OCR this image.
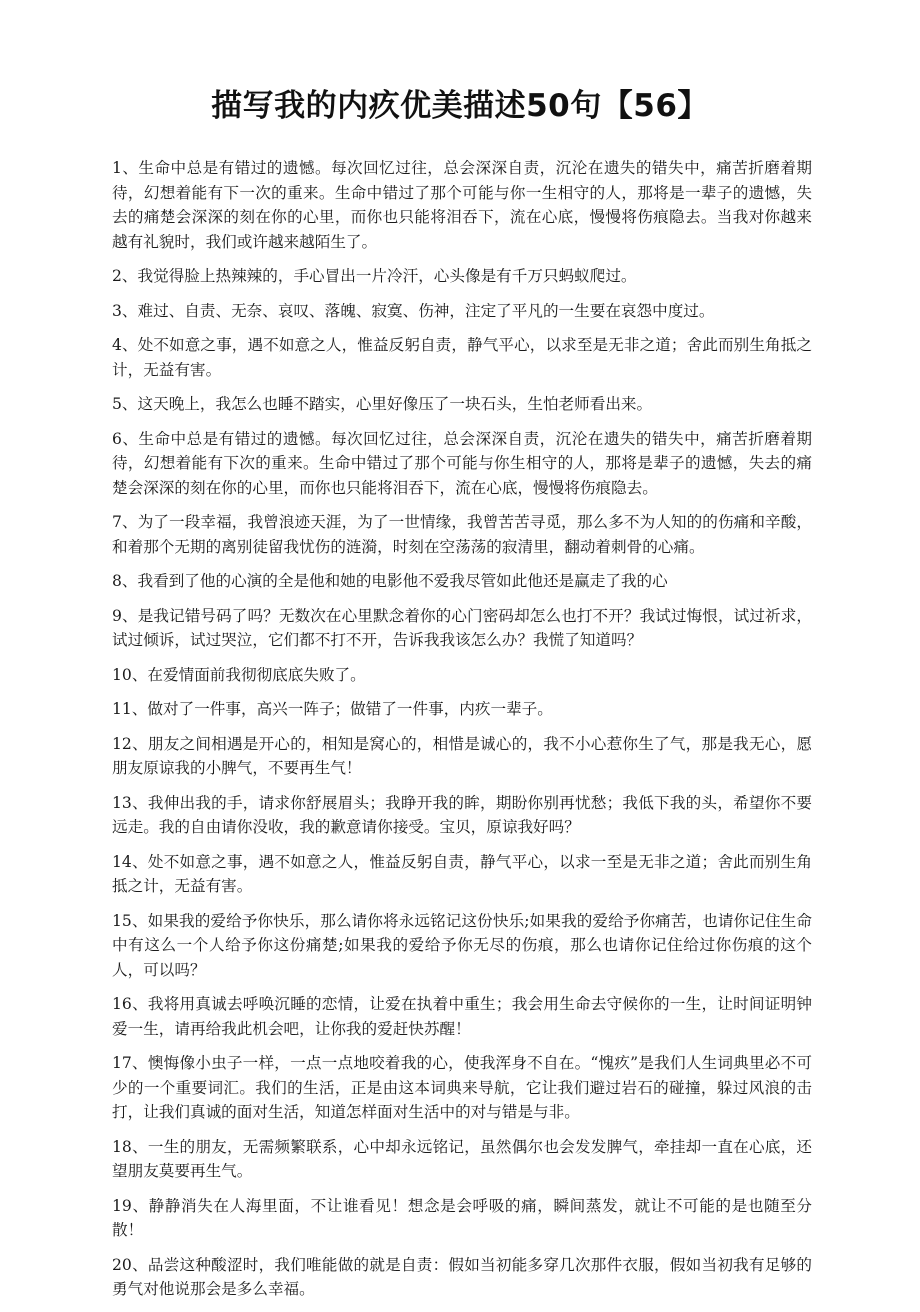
描写我的内疚优美描述50句【56】

1、生命中总是有错过的遗憾。每次回忆过往，总会深深自责，沉沦在遗失的错失中，痛苦折磨着期待，幻想着能有下一次的重来。生命中错过了那个可能与你一生相守的人，那将是一辈子的遗憾，失去的痛楚会深深的刻在你的心里，而你也只能将泪吞下，流在心底，慢慢将伤痕隐去。当我对你越来越有礼貌时，我们或许越来越陌生了。

2、我觉得脸上热辣辣的，手心冒出一片冷汗，心头像是有千万只蚂蚁爬过。

3、难过、自责、无奈、哀叹、落魄、寂寞、伤神，注定了平凡的一生要在哀怨中度过。

4、处不如意之事，遇不如意之人，惟益反躬自责，静气平心，以求至是无非之道；舍此而别生角抵之计，无益有害。

5、这天晚上，我怎么也睡不踏实，心里好像压了一块石头，生怕老师看出来。

6、生命中总是有错过的遗憾。每次回忆过往，总会深深自责，沉沦在遗失的错失中，痛苦折磨着期待，幻想着能有下次的重来。生命中错过了那个可能与你生相守的人，那将是辈子的遗憾，失去的痛楚会深深的刻在你的心里，而你也只能将泪吞下，流在心底，慢慢将伤痕隐去。

7、为了一段幸福，我曾浪迹天涯，为了一世情缘，我曾苦苦寻觅，那么多不为人知的的伤痛和辛酸，和着那个无期的离别徒留我忧伤的涟漪，时刻在空荡荡的寂清里，翻动着刺骨的心痛。

8、我看到了他的心演的全是他和她的电影他不爱我尽管如此他还是赢走了我的心

9、是我记错号码了吗？无数次在心里默念着你的心门密码却怎么也打不开？我试过悔恨，试过祈求，试过倾诉，试过哭泣，它们都不打不开，告诉我我该怎么办？我慌了知道吗？

10、在爱情面前我彻彻底底失败了。

11、做对了一件事，高兴一阵子；做错了一件事，内疚一辈子。

12、朋友之间相遇是开心的，相知是窝心的，相惜是诚心的，我不小心惹你生了气，那是我无心，愿朋友原谅我的小脾气，不要再生气！

13、我伸出我的手，请求你舒展眉头；我睁开我的眸，期盼你别再忧愁；我低下我的头，希望你不要远走。我的自由请你没收，我的歉意请你接受。宝贝，原谅我好吗？

14、处不如意之事，遇不如意之人，惟益反躬自责，静气平心，以求一至是无非之道；舍此而别生角抵之计，无益有害。

15、如果我的爱给予你快乐，那么请你将永远铭记这份快乐;如果我的爱给予你痛苦，也请你记住生命中有这么一个人给予你这份痛楚;如果我的爱给予你无尽的伤痕，那么也请你记住给过你伤痕的这个人，可以吗？

16、我将用真诚去呼唤沉睡的恋情，让爱在执着中重生；我会用生命去守候你的一生，让时间证明钟爱一生，请再给我此机会吧，让你我的爱赶快苏醒！

17、懊悔像小虫子一样，一点一点地咬着我的心，使我浑身不自在。“愧疚”是我们人生词典里必不可少的一个重要词汇。我们的生活，正是由这本词典来导航，它让我们避过岩石的碰撞，躲过风浪的击打，让我们真诚的面对生活，知道怎样面对生活中的对与错是与非。

18、一生的朋友，无需频繁联系，心中却永远铭记，虽然偶尔也会发发脾气，牵挂却一直在心底，还望朋友莫要再生气。

19、静静消失在人海里面，不让谁看见！想念是会呼吸的痛，瞬间蒸发，就让不可能的是也随至分散！

20、品尝这种酸涩时，我们唯能做的就是自责：假如当初能多穿几次那件衣服，假如当初我有足够的勇气对他说那会是多么幸福。
